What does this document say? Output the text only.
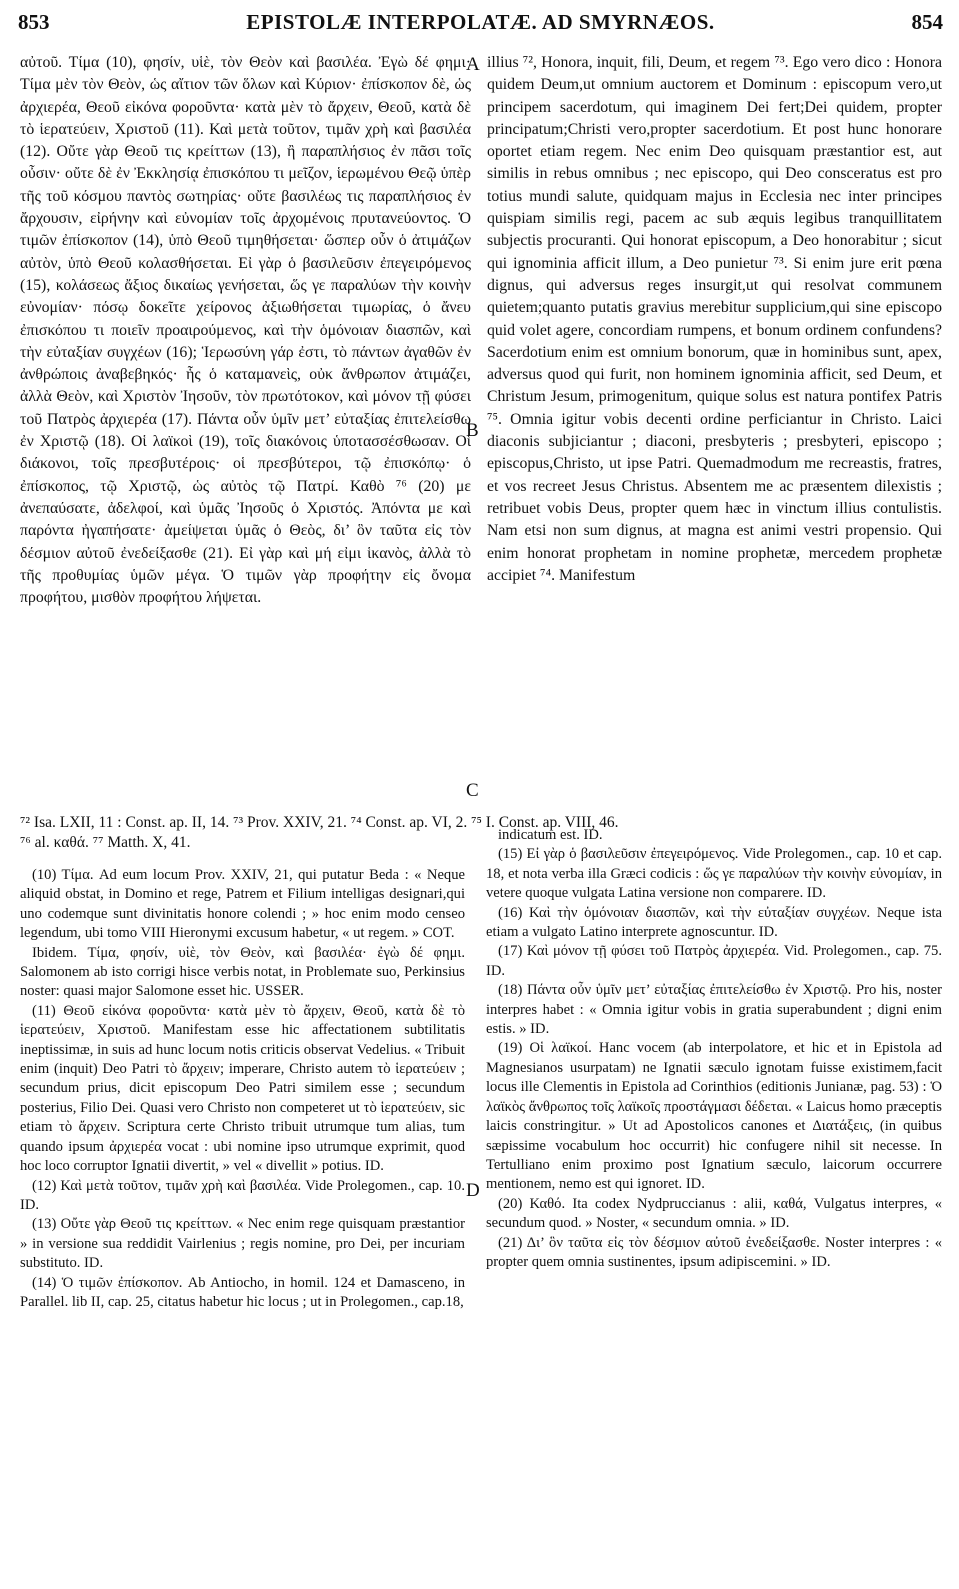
853	EPISTOLÆ INTERPOLATÆ. AD SMYRNÆOS.	854

αὐτοῦ. Τίμα (10), φησίν, υἱὲ, τὸν Θεὸν καὶ βασιλέα. Ἐγὼ δέ φημι· Τίμα μὲν τὸν Θεὸν, ὡς αἴτιον τῶν ὅλων καὶ Κύριον· ἐπίσκοπον δὲ, ὡς ἀρχιερέα, Θεοῦ εἰκόνα φοροῦντα· κατὰ μὲν τὸ ἄρχειν, Θεοῦ, κατὰ δὲ τὸ ἱερατεύειν, Χριστοῦ (11). Καὶ μετὰ τοῦτον, τιμᾶν χρὴ καὶ βασιλέα (12). Οὔτε γὰρ Θεοῦ τις κρείττων (13), ἢ παραπλήσιος ἐν πᾶσι τοῖς οὖσιν· οὔτε δὲ ἐν Ἐκκλησίᾳ ἐπισκόπου τι μεῖζον, ἱερωμένου Θεῷ ὑπὲρ τῆς τοῦ κόσμου παντὸς σωτηρίας· οὔτε βασιλέως τις παραπλήσιος ἐν ἄρχουσιν, εἰρήνην καὶ εὐνομίαν τοῖς ἀρχομένοις πρυτανεύοντος. Ὁ τιμῶν ἐπίσκοπον (14), ὑπὸ Θεοῦ τιμηθήσεται· ὥσπερ οὖν ὁ ἀτιμάζων αὐτὸν, ὑπὸ Θεοῦ κολασθήσεται. Εἰ γὰρ ὁ βασιλεῦσιν ἐπεγειρόμενος (15), κολάσεως ἄξιος δικαίως γενήσεται, ὥς γε παραλύων τὴν κοινὴν εὐνομίαν· πόσῳ δοκεῖτε χείρονος ἀξιωθήσεται τιμωρίας, ὁ ἄνευ ἐπισκόπου τι ποιεῖν προαιρούμενος, καὶ τὴν ὁμόνοιαν διασπῶν, καὶ τὴν εὐταξίαν συγχέων (16); Ἱερωσύνη γάρ ἐστι, τὸ πάντων ἀγαθῶν ἐν ἀνθρώποις ἀναβεβηκός· ἧς ὁ καταμανεὶς, οὐκ ἄνθρωπον ἀτιμάζει, ἀλλὰ Θεὸν, καὶ Χριστὸν Ἰησοῦν, τὸν πρωτότοκον, καὶ μόνον τῇ φύσει τοῦ Πατρὸς ἀρχιερέα (17). Πάντα οὖν ὑμῖν μετ’ εὐταξίας ἐπιτελείσθω ἐν Χριστῷ (18). Οἱ λαϊκοὶ (19), τοῖς διακόνοις ὑποτασσέσθωσαν. Οἱ διάκονοι, τοῖς πρεσβυτέροις· οἱ πρεσβύτεροι, τῷ ἐπισκόπῳ· ὁ ἐπίσκοπος, τῷ Χριστῷ, ὡς αὐτὸς τῷ Πατρί. Καθὸ ⁷⁶ (20) με ἀνεπαύσατε, ἀδελφοί, καὶ ὑμᾶς Ἰησοῦς ὁ Χριστός. Ἀπόντα με καὶ παρόντα ἠγαπήσατε· ἀμείψεται ὑμᾶς ὁ Θεὸς, δι’ ὃν ταῦτα εἰς τὸν δέσμιον αὐτοῦ ἐνεδείξασθε (21). Εἰ γὰρ καὶ μή εἰμι ἱκανὸς, ἀλλὰ τὸ τῆς προθυμίας ὑμῶν μέγα. Ὁ τιμῶν γὰρ προφήτην εἰς ὄνομα προφήτου, μισθὸν προφήτου λήψεται.

A
B
C
D

illius ⁷², Honora, inquit, fili, Deum, et regem ⁷³. Ego vero dico : Honora quidem Deum,ut omnium auctorem et Dominum : episcopum vero,ut principem sacerdotum, qui imaginem Dei fert;Dei quidem, propter principatum;Christi vero,propter sacerdotium. Et post hunc honorare oportet etiam regem. Nec enim Deo quisquam præstantior est, aut similis in rebus omnibus ; nec episcopo, qui Deo consceratus est pro totius mundi salute, quidquam majus in Ecclesia nec inter principes quispiam similis regi, pacem ac sub æquis legibus tranquillitatem subjectis procuranti. Qui honorat episcopum, a Deo honorabitur ; sicut qui ignominia afficit illum, a Deo punietur ⁷³. Si enim jure erit pœna dignus, qui adversus reges insurgit,ut qui resolvat communem quietem;quanto putatis gravius merebitur supplicium,qui sine episcopo quid volet agere, concordiam rumpens, et bonum ordinem confundens?Sacerdotium enim est omnium bonorum, quæ in hominibus sunt, apex, adversus quod qui furit, non hominem ignominia afficit, sed Deum, et Christum Jesum, primogenitum, quique solus est natura pontifex Patris ⁷⁵. Omnia igitur vobis decenti ordine perficiantur in Christo. Laici diaconis subjiciantur ; diaconi, presbyteris ; presbyteri, episcopo ; episcopus,Christo, ut ipse Patri. Quemadmodum me recreastis, fratres, et vos recreet Jesus Christus. Absentem me ac præsentem dilexistis ; retribuet vobis Deus, propter quem hæc in vinctum illius contulistis. Nam etsi non sum dignus, at magna est animi vestri propensio. Qui enim honorat prophetam in nomine prophetæ, mercedem prophetæ accipiet ⁷⁴. Manifestum

⁷² Isa. LXII, 11 : Const. ap. II, 14. ⁷³ Prov. XXIV, 21. ⁷⁴ Const. ap. VI, 2. ⁷⁵ I. Const. ap. VIII, 46.
⁷⁶ al. καθά. ⁷⁷ Matth. X, 41.

(10) Τίμα. Ad eum locum Prov. XXIV, 21, qui putatur Beda : « Neque aliquid obstat, in Domino et rege, Patrem et Filium intelligas designari,qui uno codemque sunt divinitatis honore colendi ; » hoc enim modo censeo legendum, ubi tomo VIII Hieronymi excusum habetur, « ut regem. » COT.

Ibidem. Τίμα, φησίν, υἱὲ, τὸν Θεὸν, καὶ βασιλέα· ἐγὼ δέ φημι. Salomonem ab isto corrigi hisce verbis notat, in Problemate suo, Perkinsius noster: quasi major Salomone esset hic. USSER.

(11) Θεοῦ εἰκόνα φοροῦντα· κατὰ μὲν τὸ ἄρχειν, Θεοῦ, κατὰ δὲ τὸ ἱερατεύειν, Χριστοῦ. Manifestam esse hic affectationem subtilitatis ineptissimæ, in suis ad hunc locum notis criticis observat Vedelius. « Tribuit enim (inquit) Deo Patri τὸ ἄρχειν; imperare, Christo autem τὸ ἱερατεύειν ; secundum prius, dicit episcopum Deo Patri similem esse ; secundum posterius, Filio Dei. Quasi vero Christo non competeret ut τὸ ἱερατεύειν, sic etiam τὸ ἄρχειν. Scriptura certe Christo tribuit utrumque tum alias, tum quando ipsum ἀρχιερέα vocat : ubi nomine ipso utrumque exprimit, quod hoc loco corruptor Ignatii divertit, » vel « divellit » potius. ID.

(12) Καὶ μετὰ τοῦτον, τιμᾶν χρὴ καὶ βασιλέα. Vide Prolegomen., cap. 10. ID.

(13) Οὔτε γὰρ Θεοῦ τις κρείττων. « Nec enim rege quisquam præstantior » in versione sua reddidit Vairlenius ; regis nomine, pro Dei, per incuriam substituto. ID.

(14) Ὁ τιμῶν ἐπίσκοπον. Ab Antiocho, in homil. 124 et Damasceno, in Parallel. lib II, cap. 25, citatus habetur hic locus ; ut in Prolegomen., cap.18,

indicatum est. ID.

(15) Εἰ γὰρ ὁ βασιλεῦσιν ἐπεγειρόμενος. Vide Prolegomen., cap. 10 et cap. 18, et nota verba illa Græci codicis : ὥς γε παραλύων τὴν κοινὴν εὐνομίαν, in vetere quoque vulgata Latina versione non comparere. ID.

(16) Καὶ τὴν ὁμόνοιαν διασπῶν, καὶ τὴν εὐταξίαν συγχέων. Neque ista etiam a vulgato Latino interprete agnoscuntur. ID.

(17) Καὶ μόνον τῇ φύσει τοῦ Πατρὸς ἀρχιερέα. Vid. Prolegomen., cap. 75. ID.

(18) Πάντα οὖν ὑμῖν μετ’ εὐταξίας ἐπιτελείσθω ἐν Χριστῷ. Pro his, noster interpres habet : « Omnia igitur vobis in gratia superabundent ; digni enim estis. » ID.

(19) Οἱ λαϊκοί. Hanc vocem (ab interpolatore, et hic et in Epistola ad Magnesianos usurpatam) ne Ignatii sæculo ignotam fuisse existimem,facit locus ille Clementis in Epistola ad Corinthios (editionis Junianæ, pag. 53) : Ὁ λαϊκὸς ἄνθρωπος τοῖς λαϊκοῖς προστάγμασι δέδεται. « Laicus homo præceptis laicis constringitur. » Ut ad Apostolicos canones et Διατάξεις, (in quibus sæpissime vocabulum hoc occurrit) hic confugere nihil sit necesse. In Tertulliano enim proximo post Ignatium sæculo, laicorum occurrere mentionem, nemo est qui ignoret. ID.

(20) Καθό. Ita codex Nydpruccianus : alii, καθά, Vulgatus interpres, « secundum quod. » Noster, « secundum omnia. » ID.

(21) Δι’ ὃν ταῦτα εἰς τὸν δέσμιον αὐτοῦ ἐνεδείξασθε. Noster interpres : « propter quem omnia sustinentes, ipsum adipiscemini. » ID.
